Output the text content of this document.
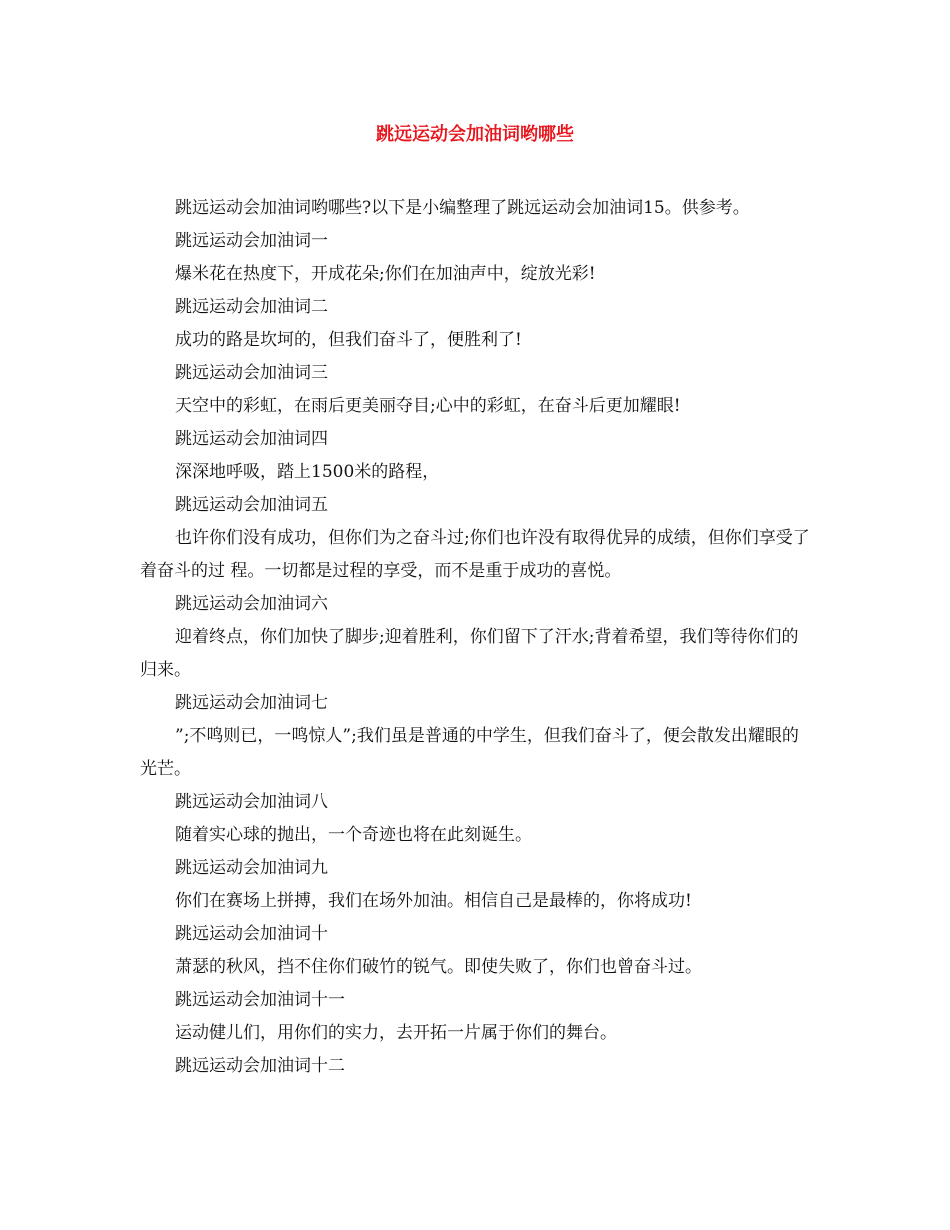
跳远运动会加油词哟哪些

跳远运动会加油词哟哪些?以下是小编整理了跳远运动会加油词15。供参考。

跳远运动会加油词一

爆米花在热度下，开成花朵;你们在加油声中，绽放光彩!

跳远运动会加油词二

成功的路是坎坷的，但我们奋斗了，便胜利了!

跳远运动会加油词三

天空中的彩虹，在雨后更美丽夺目;心中的彩虹，在奋斗后更加耀眼!

跳远运动会加油词四

深深地呼吸，踏上1500米的路程，

跳远运动会加油词五

也许你们没有成功，但你们为之奋斗过;你们也许没有取得优异的成绩，但你们享受了着奋斗的过 程。一切都是过程的享受，而不是重于成功的喜悦。

跳远运动会加油词六

迎着终点，你们加快了脚步;迎着胜利，你们留下了汗水;背着希望，我们等待你们的归来。

跳远运动会加油词七

”;不鸣则已，一鸣惊人”;我们虽是普通的中学生，但我们奋斗了，便会散发出耀眼的光芒。

跳远运动会加油词八

随着实心球的抛出，一个奇迹也将在此刻诞生。

跳远运动会加油词九

你们在赛场上拼搏，我们在场外加油。相信自己是最棒的，你将成功!

跳远运动会加油词十

萧瑟的秋风，挡不住你们破竹的锐气。即使失败了，你们也曾奋斗过。

跳远运动会加油词十一

运动健儿们，用你们的实力，去开拓一片属于你们的舞台。

跳远运动会加油词十二
